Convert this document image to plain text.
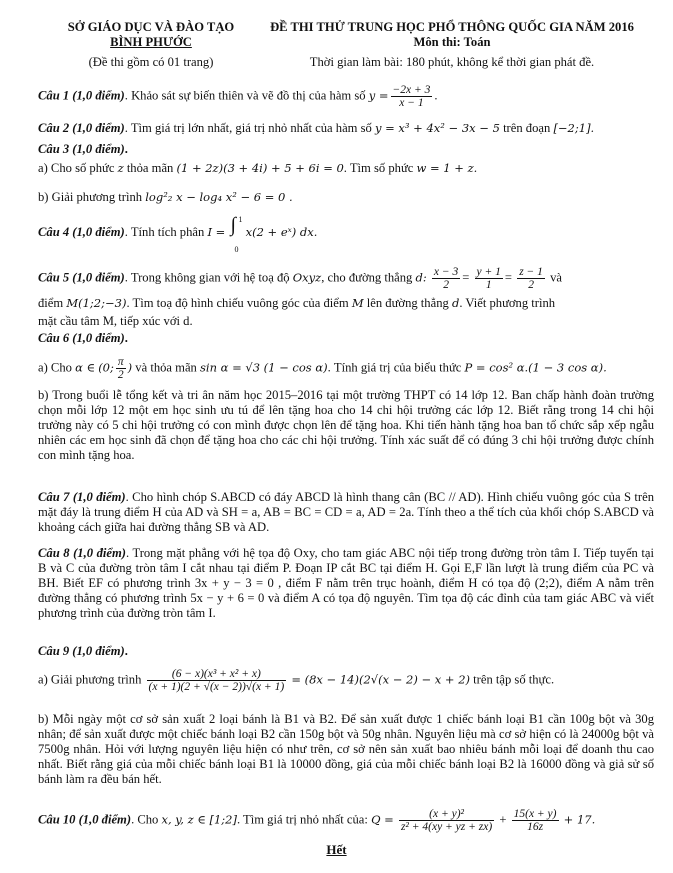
SỞ GIÁO DỤC VÀ ĐÀO TẠO
BÌNH PHƯỚC
(Đề thi gồm có 01 trang)
ĐỀ THI THỬ TRUNG HỌC PHỔ THÔNG QUỐC GIA NĂM 2016
Môn thi: Toán
Thời gian làm bài: 180 phút, không kể thời gian phát đề.
Câu 1 (1,0 điểm). Khảo sát sự biến thiên và vẽ đồ thị của hàm số $y = \frac{-2x + 3}{x - 1}$ .
Câu 2 (1,0 điểm). Tìm giá trị lớn nhất, giá trị nhỏ nhất của hàm số y = x³ + 4x² − 3x − 5 trên đoạn [−2;1].
Câu 3 (1,0 điểm).
a) Cho số phức z thỏa mãn (1 + 2z)(3 + 4i) + 5 + 6i = 0. Tìm số phức w = 1 + z.
b) Giải phương trình log²₂ x − log₄ x² − 6 = 0 .
Câu 4 (1,0 điểm). Tính tích phân I = ∫ 1
0
x(2 + eˣ) dx.
Câu 5 (1,0 điểm). Trong không gian với hệ toạ độ Oxyz, cho đường thẳng d: $\frac{x - 3}{2} = \frac{y + 1}{1} = \frac{z - 1}{2}$ và
điểm M(1;2;−3). Tìm toạ độ hình chiếu vuông góc của điểm M lên đường thẳng d. Viết phương trình
mặt cầu tâm M, tiếp xúc với d.
Câu 6 (1,0 điểm).
a) Cho α ∈ (0; $\frac{\pi}{2}$ ) và thỏa mãn sin α = √3 (1 − cos α). Tính giá trị của biểu thức P = cos² α.(1 − 3 cos α).
b) Trong buổi lễ tổng kết và tri ân năm học 2015–2016 tại một trường THPT có 14 lớp 12. Ban chấp hành đoàn trường chọn mỗi lớp 12 một em học sinh ưu tú để lên tặng hoa cho 14 chi hội trưởng các lớp 12. Biết rằng trong 14 chi hội trưởng này có 5 chi hội trưởng có con mình được chọn lên để tặng hoa. Khi tiến hành tặng hoa ban tổ chức sắp xếp ngẫu nhiên các em học sinh đã chọn để tặng hoa cho các chi hội trưởng. Tính xác suất để có đúng 3 chi hội trưởng được chính con mình tặng hoa.
Câu 7 (1,0 điểm). Cho hình chóp S.ABCD có đáy ABCD là hình thang cân (BC // AD). Hình chiếu vuông góc của S trên mặt đáy là trung điểm H của AD và SH = a, AB = BC = CD = a, AD = 2a. Tính theo a thể tích của khối chóp S.ABCD và khoảng cách giữa hai đường thẳng SB và AD.
Câu 8 (1,0 điểm). Trong mặt phẳng với hệ tọa độ Oxy, cho tam giác ABC nội tiếp trong đường tròn tâm I. Tiếp tuyến tại B và C của đường tròn tâm I cắt nhau tại điểm P. Đoạn IP cắt BC tại điểm H. Gọi E,F lần lượt là trung điểm của PC và BH. Biết EF có phương trình 3x + y − 3 = 0 , điểm F nằm trên trục hoành, điểm H có tọa độ (2;2), điểm A nằm trên đường thẳng có phương trình 5x − y + 6 = 0 và điểm A có tọa độ nguyên. Tìm tọa độ các đỉnh của tam giác ABC và viết phương trình của đường tròn tâm I.
Câu 9 (1,0 điểm).
a) Giải phương trình $\frac{\text{(6 − x)(x³ + x² + x)}}{(x + 1)(2 + √(x - 2))√(x + 1)} = (8x - 14)(2√(x - 2) - x + 2)$ trên tập số thực.
b) Mỗi ngày một cơ sở sản xuất 2 loại bánh là B1 và B2. Để sản xuất được 1 chiếc bánh loại B1 cần 100g bột và 30g nhân; để sản xuất được một chiếc bánh loại B2 cần 150g bột và 50g nhân. Nguyên liệu mà cơ sở hiện có là 24000g bột và 7500g nhân. Hỏi với lượng nguyên liệu hiện có như trên, cơ sở nên sản xuất bao nhiêu bánh mỗi loại để doanh thu cao nhất. Biết rằng giá của mỗi chiếc bánh loại B1 là 10000 đồng, giá của mỗi chiếc bánh loại B2 là 16000 đồng và giả sử số bánh làm ra đều bán hết.
Câu 10 (1,0 điểm). Cho x, y, z ∈ [1;2]. Tìm giá trị nhỏ nhất của: $Q = \frac{\text{(x + y)²}}{\text{z² + 4(xy + yz + zx)}} + \frac{15(x + y)}{16z} + 17$.
Hết
